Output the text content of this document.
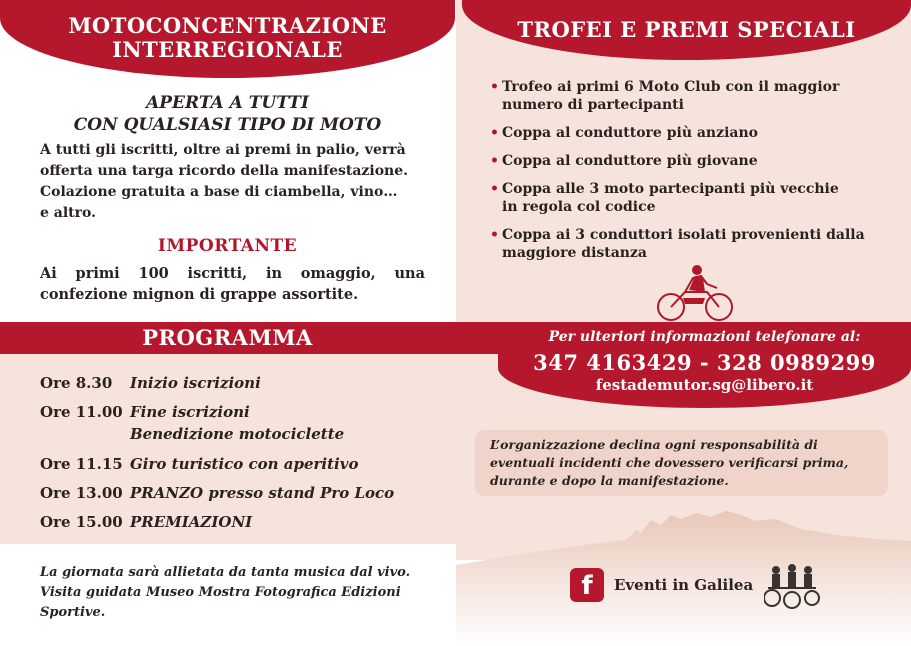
MOTOCONCENTRAZIONE
INTERREGIONALE
APERTA A TUTTI
CON QUALSIASI TIPO DI MOTO
A tutti gli iscritti, oltre ai premi in palio, verrà
offerta una targa ricordo della manifestazione.
Colazione gratuita a base di ciambella, vino…
e altro.
IMPORTANTE
Ai primi 100 iscritti, in omaggio, una confezione mignon di grappe assortite.
TROFEI E PREMI SPECIALI
• Trofeo ai primi 6 Moto Club con il maggior
numero di partecipanti
• Coppa al conduttore più anziano
• Coppa al conduttore più giovane
• Coppa alle 3 moto partecipanti più vecchie
in regola col codice
• Coppa ai 3 conduttori isolati provenienti dalla
maggiore distanza
PROGRAMMA	Per ulteriori informazioni telefonare al:
347 4163429 - 328 0989299
festademutor.sg@libero.it
Ore 8.30 Inizio iscrizioni
Ore 11.00 Fine iscrizioni
Benedizione motociclette
Ore 11.15 Giro turistico con aperitivo
Ore 13.00 PRANZO presso stand Pro Loco
Ore 15.00 PREMIAZIONI
La giornata sarà allietata da tanta musica dal vivo.
Visita guidata Museo Mostra Fotografica Edizioni
Sportive.
L’organizzazione declina ogni responsabilità di
eventuali incidenti che dovessero verificarsi prima,
durante e dopo la manifestazione.
f	Eventi in Galilea
